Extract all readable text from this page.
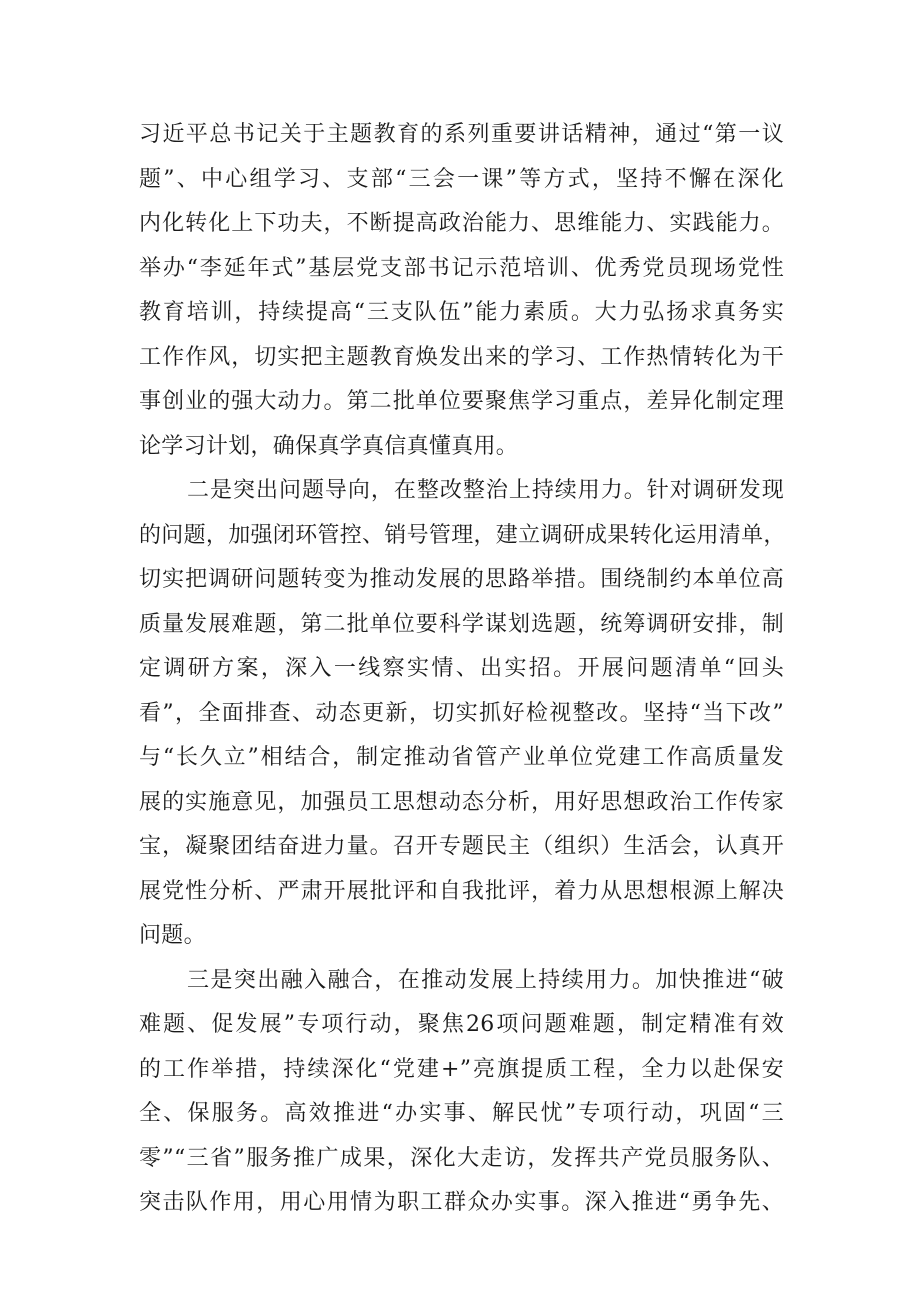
习近平总书记关于主题教育的系列重要讲话精神，通过“第一议
题”、中心组学习、支部“三会一课”等方式，坚持不懈在深化
内化转化上下功夫，不断提高政治能力、思维能力、实践能力。
举办“李延年式”基层党支部书记示范培训、优秀党员现场党性
教育培训，持续提高“三支队伍”能力素质。大力弘扬求真务实
工作作风，切实把主题教育焕发出来的学习、工作热情转化为干
事创业的强大动力。第二批单位要聚焦学习重点，差异化制定理
论学习计划，确保真学真信真懂真用。
二是突出问题导向，在整改整治上持续用力。针对调研发现
的问题，加强闭环管控、销号管理，建立调研成果转化运用清单，
切实把调研问题转变为推动发展的思路举措。围绕制约本单位高
质量发展难题，第二批单位要科学谋划选题，统筹调研安排，制
定调研方案，深入一线察实情、出实招。开展问题清单“回头
看”，全面排查、动态更新，切实抓好检视整改。坚持“当下改”
与“长久立”相结合，制定推动省管产业单位党建工作高质量发
展的实施意见，加强员工思想动态分析，用好思想政治工作传家
宝，凝聚团结奋进力量。召开专题民主（组织）生活会，认真开
展党性分析、严肃开展批评和自我批评，着力从思想根源上解决
问题。
三是突出融入融合，在推动发展上持续用力。加快推进“破
难题、促发展”专项行动，聚焦26项问题难题，制定精准有效
的工作举措，持续深化“党建+”亮旗提质工程，全力以赴保安
全、保服务。高效推进“办实事、解民忧”专项行动，巩固“三
零”“三省”服务推广成果，深化大走访，发挥共产党员服务队、
突击队作用，用心用情为职工群众办实事。深入推进“勇争先、
